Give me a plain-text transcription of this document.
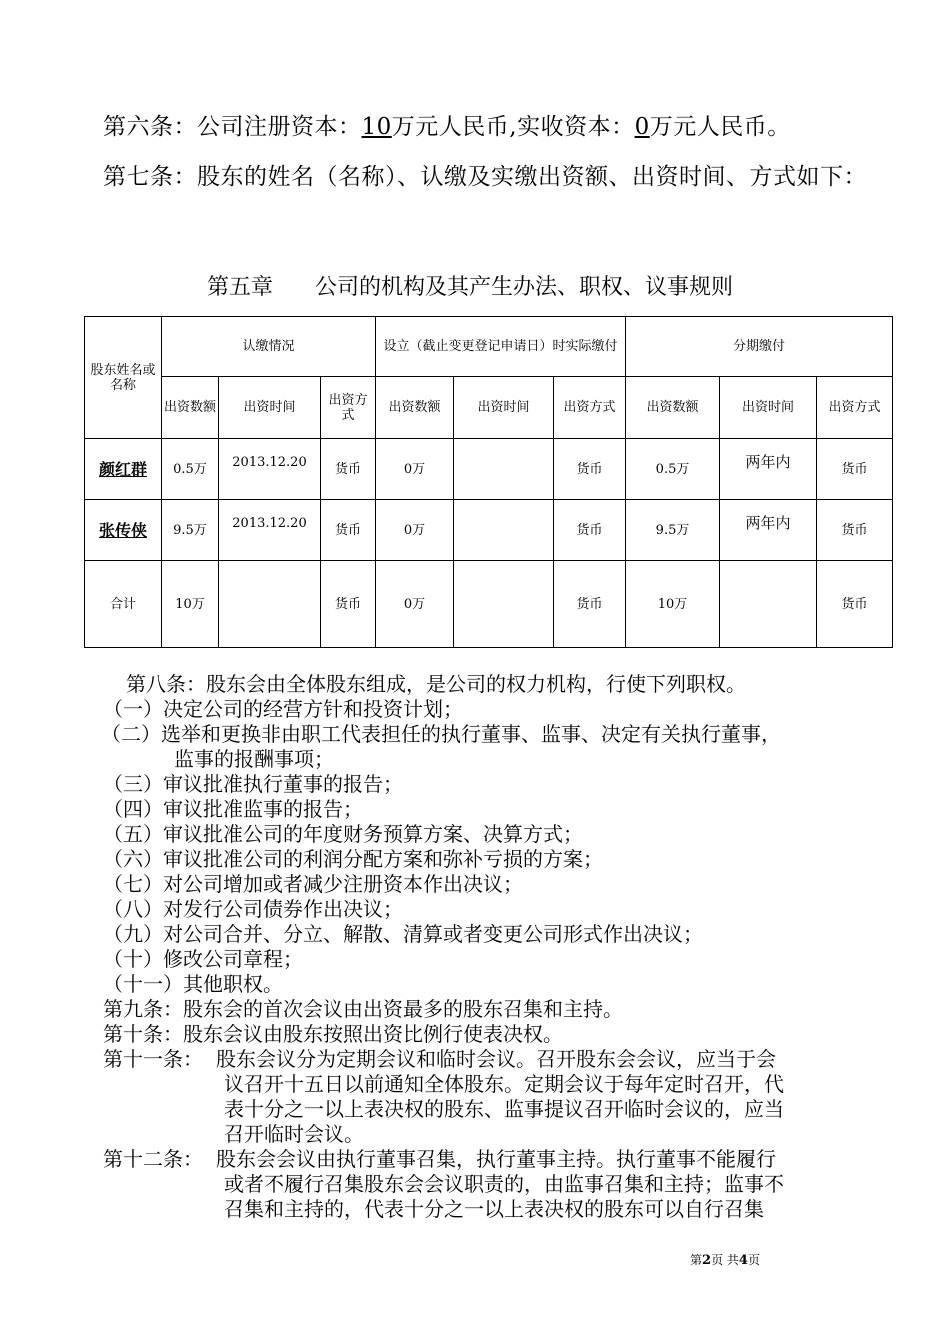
第六条：公司注册资本：10万元人民币,实收资本：0万元人民币。
第七条：股东的姓名（名称）、认缴及实缴出资额、出资时间、方式如下：
第五章 公司的机构及其产生办法、职权、议事规则
股东姓名或名称	认缴情况			设立（截止变更登记申请日）时实际缴付			分期缴付		
	出资数额	出资时间	出资方式	出资数额	出资时间	出资方式	出资数额	出资时间	出资方式
颜红群	0.5万	2013.12.20	货币	0万		货币	0.5万	两年内	货币
张传侠	9.5万	2013.12.20	货币	0万		货币	9.5万	两年内	货币
合计	10万		货币	0万		货币	10万		货币
第八条：股东会由全体股东组成，是公司的权力机构，行使下列职权。
（一）决定公司的经营方针和投资计划；
（二）选举和更换非由职工代表担任的执行董事、监事、决定有关执行董事，
监事的报酬事项；
（三）审议批准执行董事的报告；
（四）审议批准监事的报告；
（五）审议批准公司的年度财务预算方案、决算方式；
（六）审议批准公司的利润分配方案和弥补亏损的方案；
（七）对公司增加或者减少注册资本作出决议；
（八）对发行公司债券作出决议；
（九）对公司合并、分立、解散、清算或者变更公司形式作出决议；
（十）修改公司章程；
（十一）其他职权。
第九条：股东会的首次会议由出资最多的股东召集和主持。
第十条：股东会议由股东按照出资比例行使表决权。
第十一条： 股东会议分为定期会议和临时会议。召开股东会会议，应当于会
议召开十五日以前通知全体股东。定期会议于每年定时召开，代
表十分之一以上表决权的股东、监事提议召开临时会议的，应当
召开临时会议。
第十二条： 股东会会议由执行董事召集，执行董事主持。执行董事不能履行
或者不履行召集股东会会议职责的，由监事召集和主持；监事不
召集和主持的，代表十分之一以上表决权的股东可以自行召集
第2页 共4页
